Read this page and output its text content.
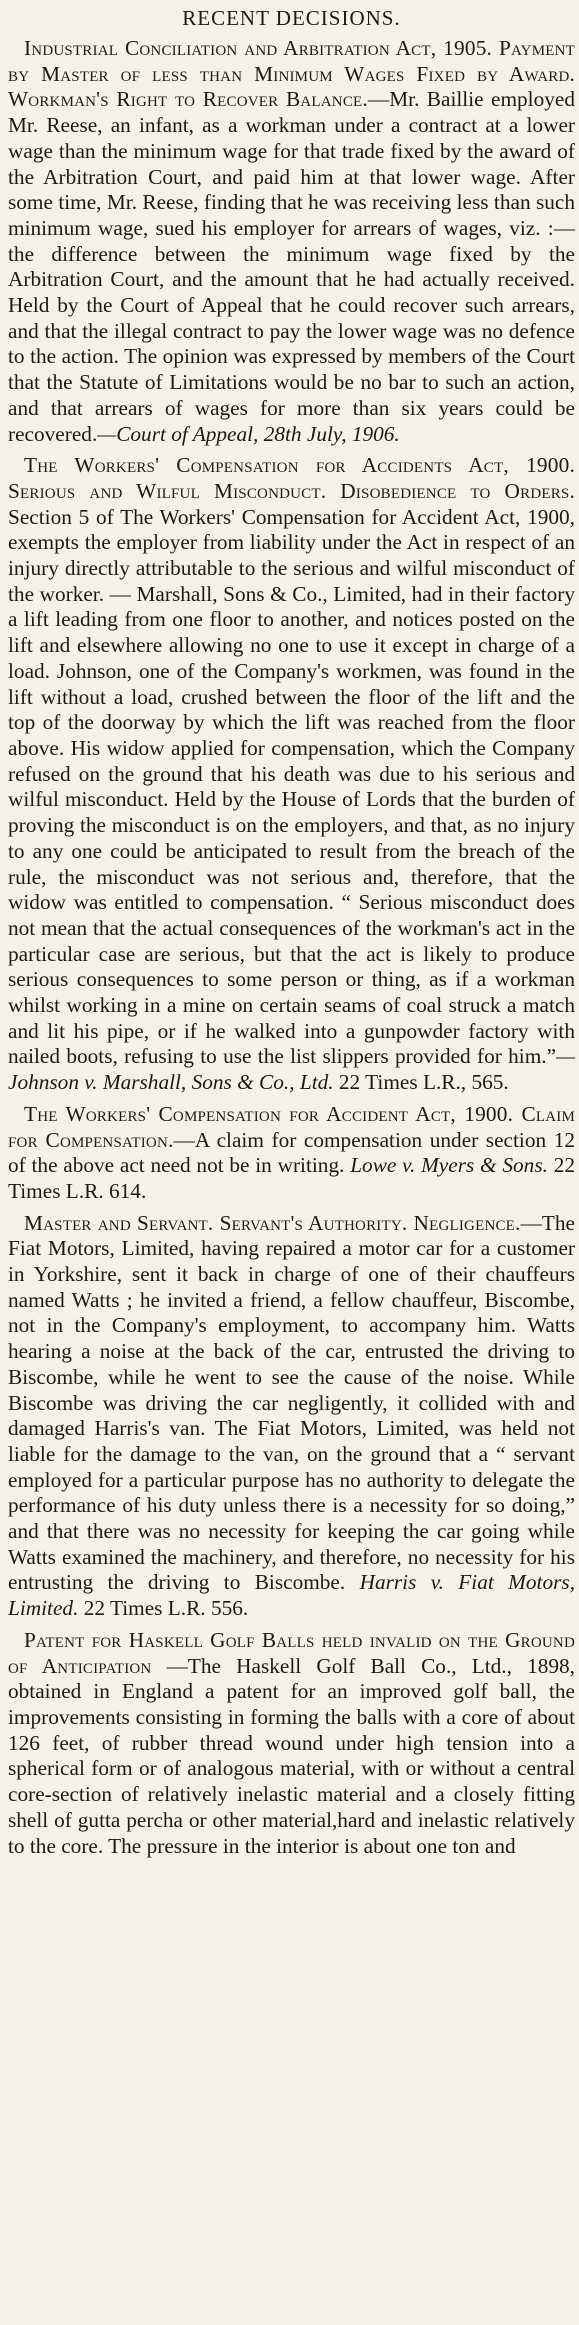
RECENT DECISIONS.

Industrial Conciliation and Arbitration Act, 1905. Payment by Master of less than Minimum Wages Fixed by Award. Workman's Right to Recover Balance.—Mr. Baillie employed Mr. Reese, an infant, as a workman under a contract at a lower wage than the minimum wage for that trade fixed by the award of the Arbitration Court, and paid him at that lower wage. After some time, Mr. Reese, finding that he was receiving less than such minimum wage, sued his employer for arrears of wages, viz. :— the difference between the minimum wage fixed by the Arbitration Court, and the amount that he had actually received. Held by the Court of Appeal that he could recover such arrears, and that the illegal contract to pay the lower wage was no defence to the action. The opinion was expressed by members of the Court that the Statute of Limitations would be no bar to such an action, and that arrears of wages for more than six years could be recovered.—Court of Appeal, 28th July, 1906.

The Workers' Compensation for Accidents Act, 1900. Serious and Wilful Misconduct. Disobedience to Orders. Section 5 of The Workers' Compensation for Accident Act, 1900, exempts the employer from liability under the Act in respect of an injury directly attributable to the serious and wilful misconduct of the worker. — Marshall, Sons & Co., Limited, had in their factory a lift leading from one floor to another, and notices posted on the lift and elsewhere allowing no one to use it except in charge of a load. Johnson, one of the Company's workmen, was found in the lift without a load, crushed between the floor of the lift and the top of the doorway by which the lift was reached from the floor above. His widow applied for compensation, which the Company refused on the ground that his death was due to his serious and wilful misconduct. Held by the House of Lords that the burden of proving the misconduct is on the employers, and that, as no injury to any one could be anticipated to result from the breach of the rule, the misconduct was not serious and, therefore, that the widow was entitled to compensation. “ Serious misconduct does not mean that the actual consequences of the workman's act in the particular case are serious, but that the act is likely to produce serious consequences to some person or thing, as if a workman whilst working in a mine on certain seams of coal struck a match and lit his pipe, or if he walked into a gunpowder factory with nailed boots, refusing to use the list slippers provided for him.”—Johnson v. Marshall, Sons & Co., Ltd. 22 Times L.R., 565.

The Workers' Compensation for Accident Act, 1900. Claim for Compensation.—A claim for compensation under section 12 of the above act need not be in writing. Lowe v. Myers & Sons. 22 Times L.R. 614.

Master and Servant. Servant's Authority. Negligence.—The Fiat Motors, Limited, having repaired a motor car for a customer in Yorkshire, sent it back in charge of one of their chauffeurs named Watts ; he invited a friend, a fellow chauffeur, Biscombe, not in the Company's employment, to accompany him. Watts hearing a noise at the back of the car, entrusted the driving to Biscombe, while he went to see the cause of the noise. While Biscombe was driving the car negligently, it collided with and damaged Harris's van. The Fiat Motors, Limited, was held not liable for the damage to the van, on the ground that a “ servant employed for a particular purpose has no authority to delegate the performance of his duty unless there is a necessity for so doing,” and that there was no necessity for keeping the car going while Watts examined the machinery, and therefore, no necessity for his entrusting the driving to Biscombe. Harris v. Fiat Motors, Limited. 22 Times L.R. 556.

Patent for Haskell Golf Balls held invalid on the Ground of Anticipation —The Haskell Golf Ball Co., Ltd., 1898, obtained in England a patent for an improved golf ball, the improvements consisting in forming the balls with a core of about 126 feet, of rubber thread wound under high tension into a spherical form or of analogous material, with or without a central core-section of relatively inelastic material and a closely fitting shell of gutta percha or other material,hard and inelastic relatively to the core. The pressure in the interior is about one ton and
